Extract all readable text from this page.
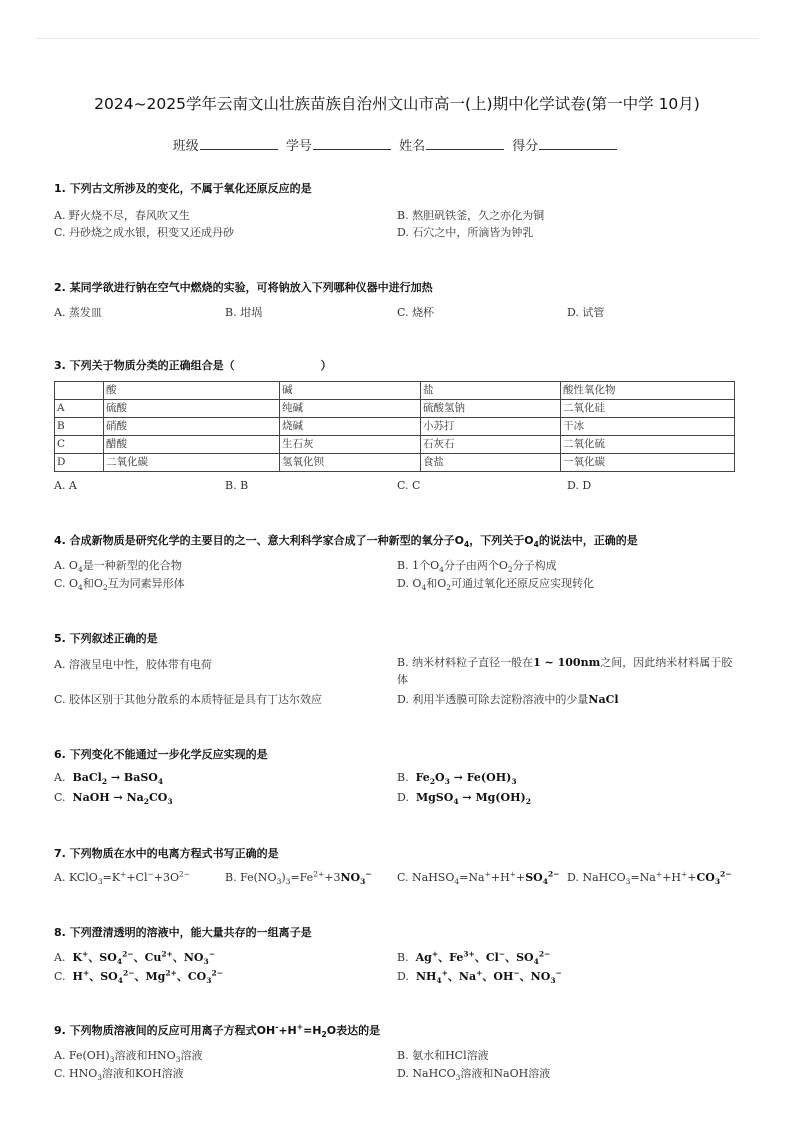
2024~2025学年云南文山壮族苗族自治州文山市高一(上)期中化学试卷(第一中学 10月)
班级	学号	姓名	得分
1. 下列古文所涉及的变化，不属于氧化还原反应的是
A. 野火烧不尽，春风吹又生	B. 熬胆矾铁釜，久之亦化为铜
C. 丹砂烧之成水银，积变又还成丹砂	D. 石穴之中，所滴皆为钟乳
2. 某同学欲进行钠在空气中燃烧的实验，可将钠放入下列哪种仪器中进行加热
A. 蒸发皿	B. 坩埚	C. 烧杯	D. 试管
3. 下列关于物质分类的正确组合是（	）
	酸	碱	盐	酸性氧化物
A	硫酸	纯碱	硫酸氢钠	二氧化硅
B	硝酸	烧碱	小苏打	干冰
C	醋酸	生石灰	石灰石	二氧化硫
D	二氧化碳	氢氧化钡	食盐	一氧化碳
A. A	B. B	C. C	D. D
4. 合成新物质是研究化学的主要目的之一、意大利科学家合成了一种新型的氧分子$O_4$，下列关于$O_4$的说法中，正确的是
A. $O_4$是一种新型的化合物	B. 1个$O_4$分子由两个$O_2$分子构成
C. $O_4$和$O_2$互为同素异形体	D. $O_4$和$O_2$可通过氧化还原反应实现转化
5. 下列叙述正确的是
A. 溶液呈电中性，胶体带有电荷	B. 纳米材料粒子直径一般在1 ~ 100nm之间，因此纳米材料属于胶体
C. 胶体区别于其他分散系的本质特征是具有丁达尔效应	D. 利用半透膜可除去淀粉溶液中的少量NaCl
6. 下列变化不能通过一步化学反应实现的是
A. BaCl$_2$ → BaSO$_4$	B. $Fe_2O_3 \to Fe(OH)_3$
C. NaOH → $Na_2CO_3$	D. MgSO$_4$ → $Mg(OH)_2$
7. 下列物质在水中的电离方程式书写正确的是
A. $KClO_3=K^++Cl^-+3O^{2-}$	B. $Fe(NO_3)_3=Fe^{2+}+3NO_3^-$ C. $NaHSO_4=Na^++H^++SO_4^{2-}$ D. $NaHCO_3=Na^++H^++CO_3^{2-}$
8. 下列澄清透明的溶液中，能大量共存的一组离子是
A. K+、$SO_4^{2-}$、$Cu^{2+}$、$NO_3^-$	B. Ag+、$Fe^{3+}$、Cl−、$SO_4^{2-}$
C. H+、$SO_4^{2-}$、$Mg^{2+}$、$CO_3^{2-}$	D. $NH_4^+$、Na+、OH−、$NO_3^-$
9. 下列物质溶液间的反应可用离子方程式$OH^-+H^+=H_2O$表达的是
A. $Fe(OH)_3$溶液和$HNO_3$溶液	B. 氨水和HCl溶液
C. $HNO_3$溶液和KOH溶液	D. NaHCO$_3$溶液和NaOH溶液
